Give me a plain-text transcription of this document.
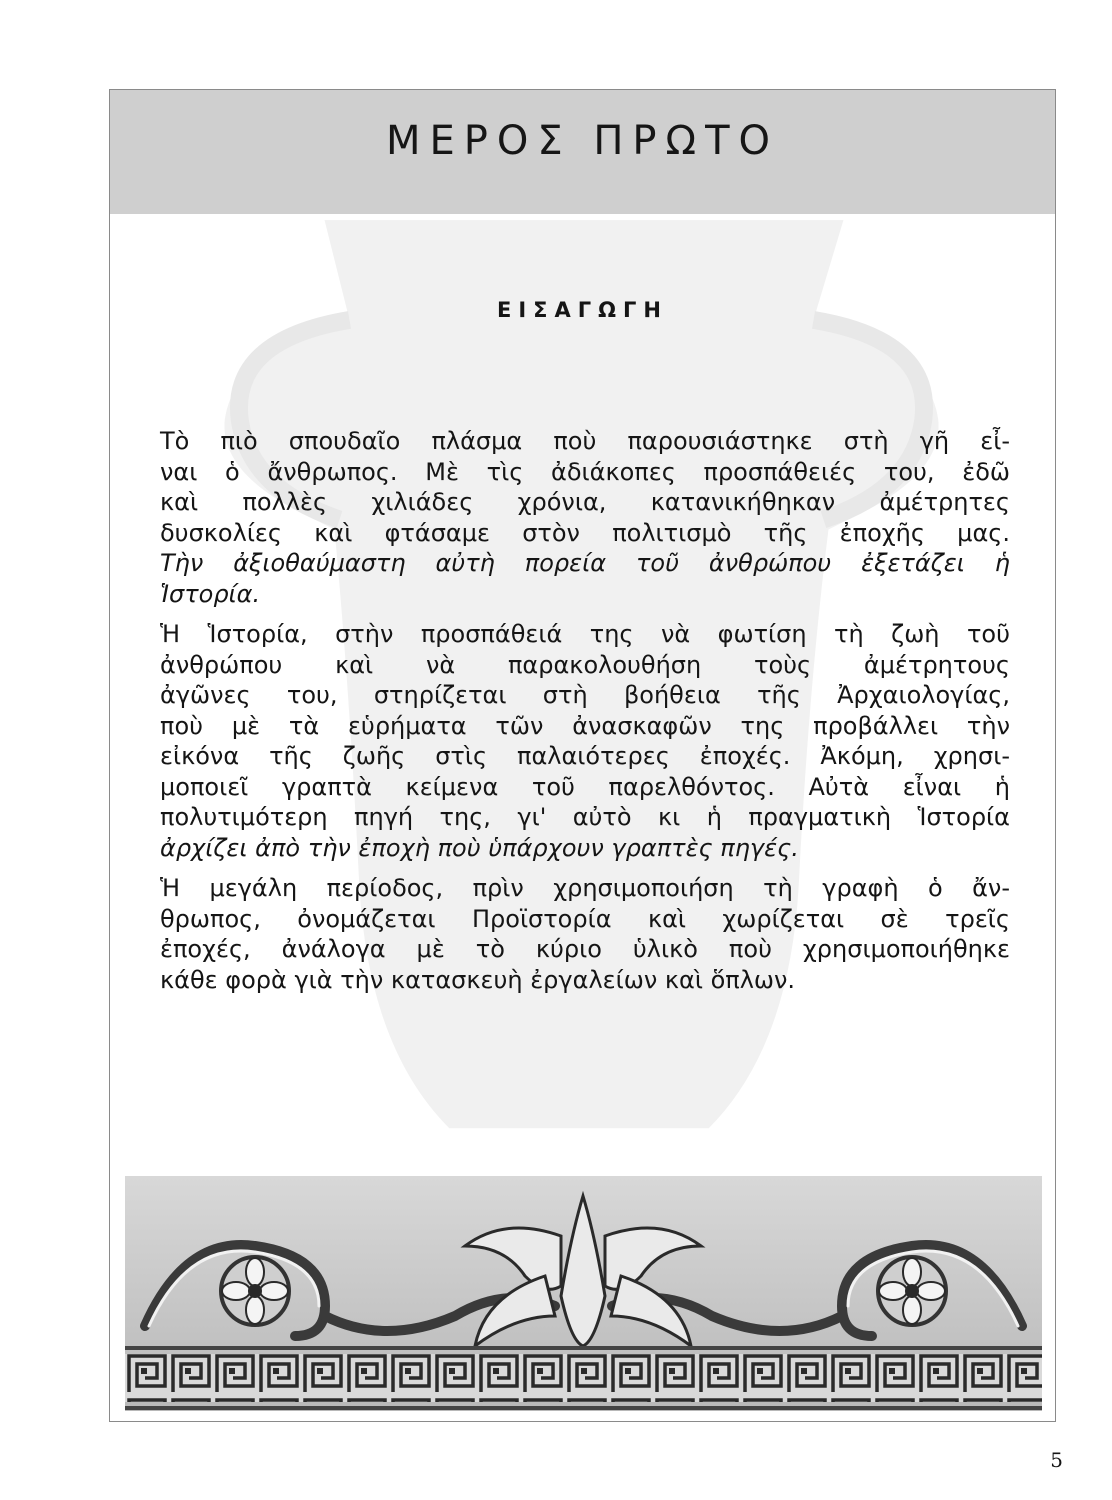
ΜΕΡΟΣ ΠΡΩΤΟ
ΕΙΣΑΓΩΓΗ
Τὸ πιὸ σπουδαῖο πλάσμα ποὺ παρουσιάστηκε στὴ γῆ εἶ-
ναι ὁ ἄνθρωπος. Μὲ τὶς ἀδιάκοπες προσπάθειές του, ἐδῶ
καὶ πολλὲς χιλιάδες χρόνια, κατανικήθηκαν ἀμέτρητες
δυσκολίες καὶ φτάσαμε στὸν πολιτισμὸ τῆς ἐποχῆς μας.
Τὴν ἀξιοθαύμαστη αὐτὴ πορεία τοῦ ἀνθρώπου ἐξετάζει ἡ
Ἱστορία.
Ἡ Ἱστορία, στὴν προσπάθειά της νὰ φωτίση τὴ ζωὴ τοῦ
ἀνθρώπου καὶ νὰ παρακολουθήση τοὺς ἀμέτρητους
ἀγῶνες του, στηρίζεται στὴ βοήθεια τῆς Ἀρχαιολογίας,
ποὺ μὲ τὰ εὑρήματα τῶν ἀνασκαφῶν της προβάλλει τὴν
εἰκόνα τῆς ζωῆς στὶς παλαιότερες ἐποχές. Ἀκόμη, χρησι-
μοποιεῖ γραπτὰ κείμενα τοῦ παρελθόντος. Αὐτὰ εἶναι ἡ
πολυτιμότερη πηγή της, γι' αὐτὸ κι ἡ πραγματικὴ Ἱστορία
ἀρχίζει ἀπὸ τὴν ἐποχὴ ποὺ ὑπάρχουν γραπτὲς πηγές.
Ἡ μεγάλη περίοδος, πρὶν χρησιμοποιήση τὴ γραφὴ ὁ ἄν-
θρωπος, ὀνομάζεται Προϊστορία καὶ χωρίζεται σὲ τρεῖς
ἐποχές, ἀνάλογα μὲ τὸ κύριο ὑλικὸ ποὺ χρησιμοποιήθηκε
κάθε φορὰ γιὰ τὴν κατασκευὴ ἐργαλείων καὶ ὅπλων.
5
